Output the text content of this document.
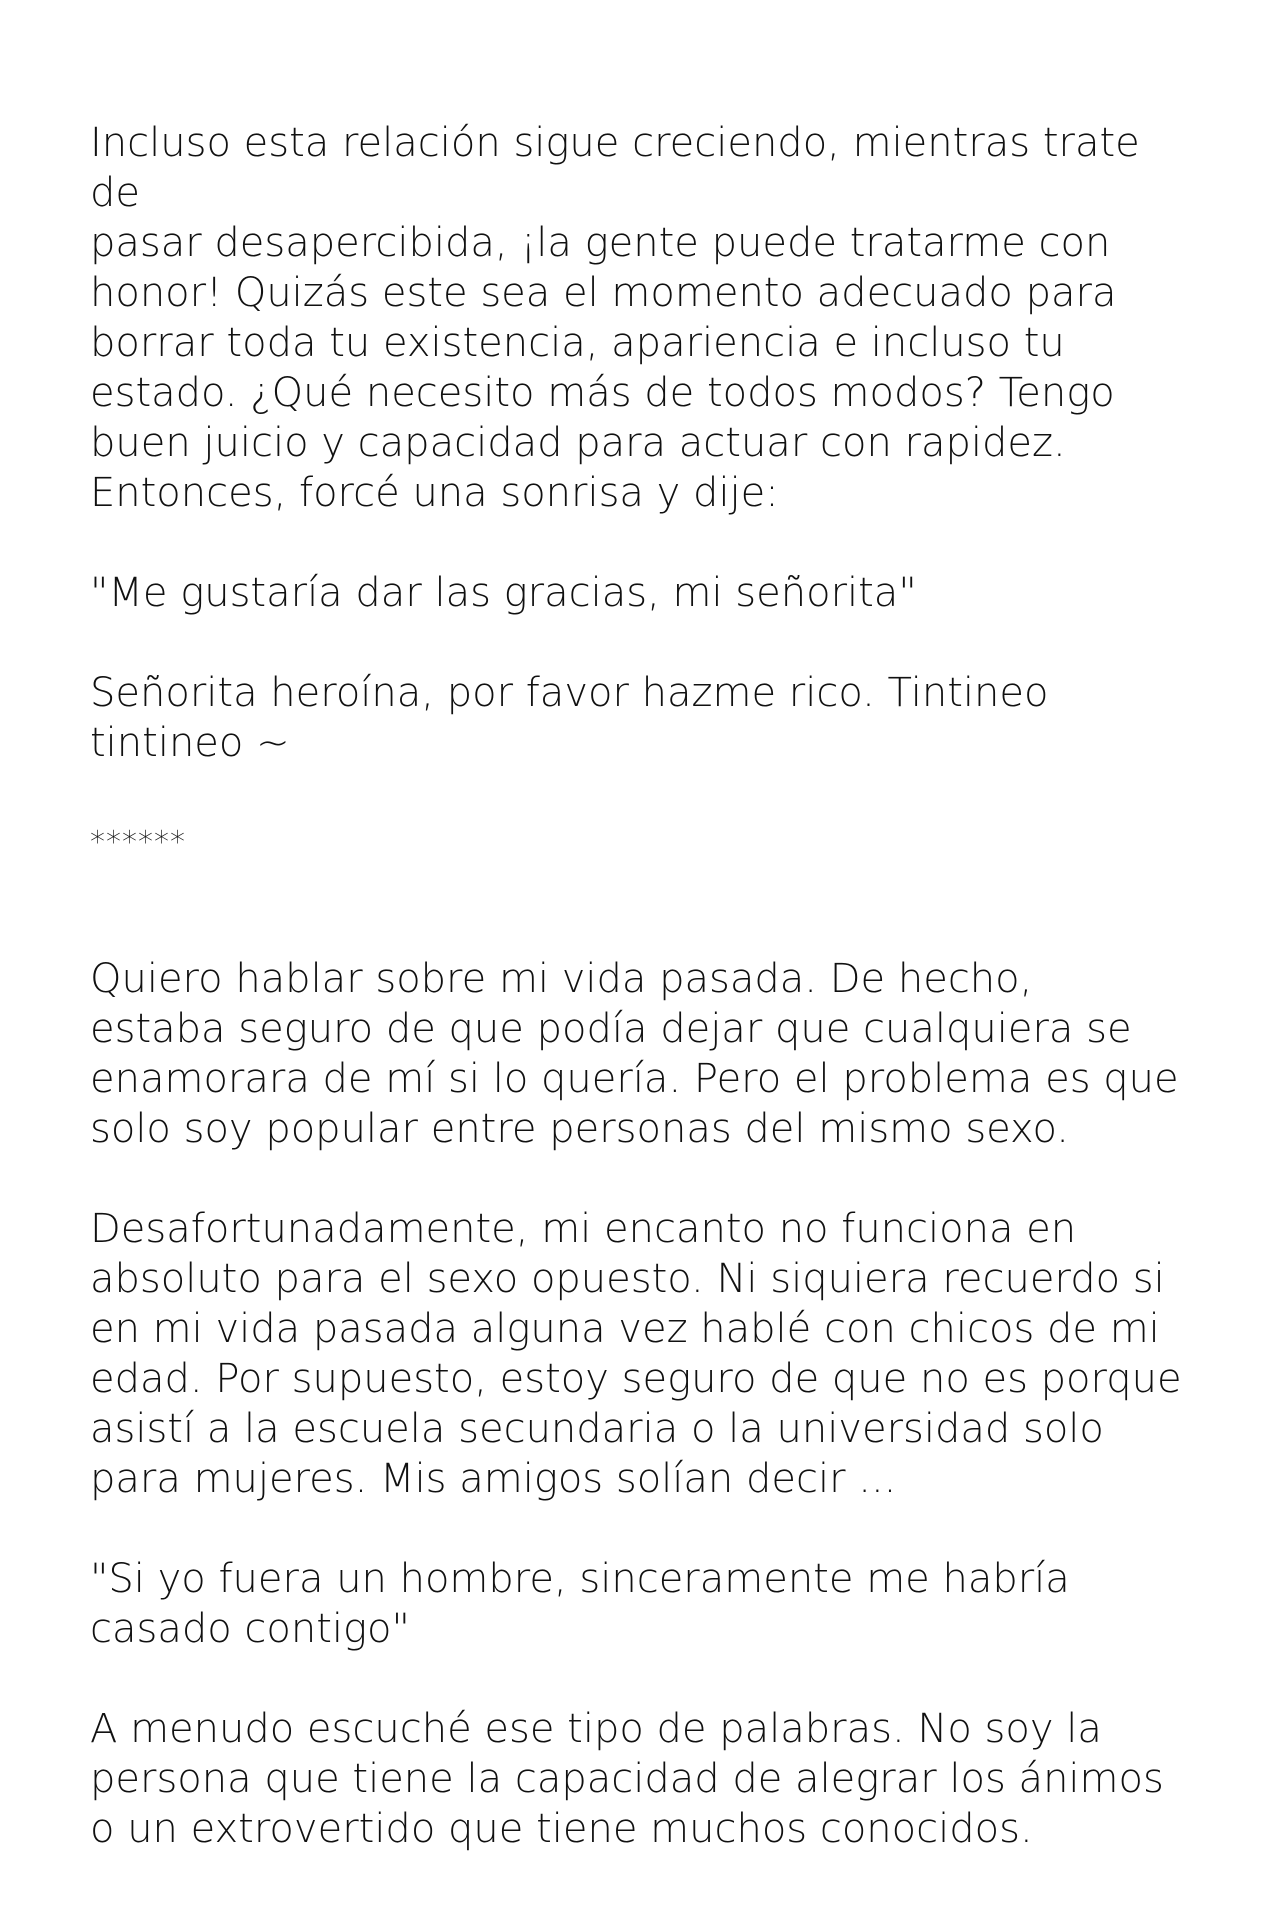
Incluso esta relación sigue creciendo, mientras trate de
pasar desapercibida, ¡la gente puede tratarme con
honor! Quizás este sea el momento adecuado para
borrar toda tu existencia, apariencia e incluso tu
estado. ¿Qué necesito más de todos modos? Tengo
buen juicio y capacidad para actuar con rapidez.
Entonces, forcé una sonrisa y dije:

"Me gustaría dar las gracias, mi señorita"

Señorita heroína, por favor hazme rico. Tintineo
tintineo ~

******

Quiero hablar sobre mi vida pasada. De hecho,
estaba seguro de que podía dejar que cualquiera se
enamorara de mí si lo quería. Pero el problema es que
solo soy popular entre personas del mismo sexo.

Desafortunadamente, mi encanto no funciona en
absoluto para el sexo opuesto. Ni siquiera recuerdo si
en mi vida pasada alguna vez hablé con chicos de mi
edad. Por supuesto, estoy seguro de que no es porque
asistí a la escuela secundaria o la universidad solo
para mujeres. Mis amigos solían decir ...

"Si yo fuera un hombre, sinceramente me habría
casado contigo"

A menudo escuché ese tipo de palabras. No soy la
persona que tiene la capacidad de alegrar los ánimos
o un extrovertido que tiene muchos conocidos.
